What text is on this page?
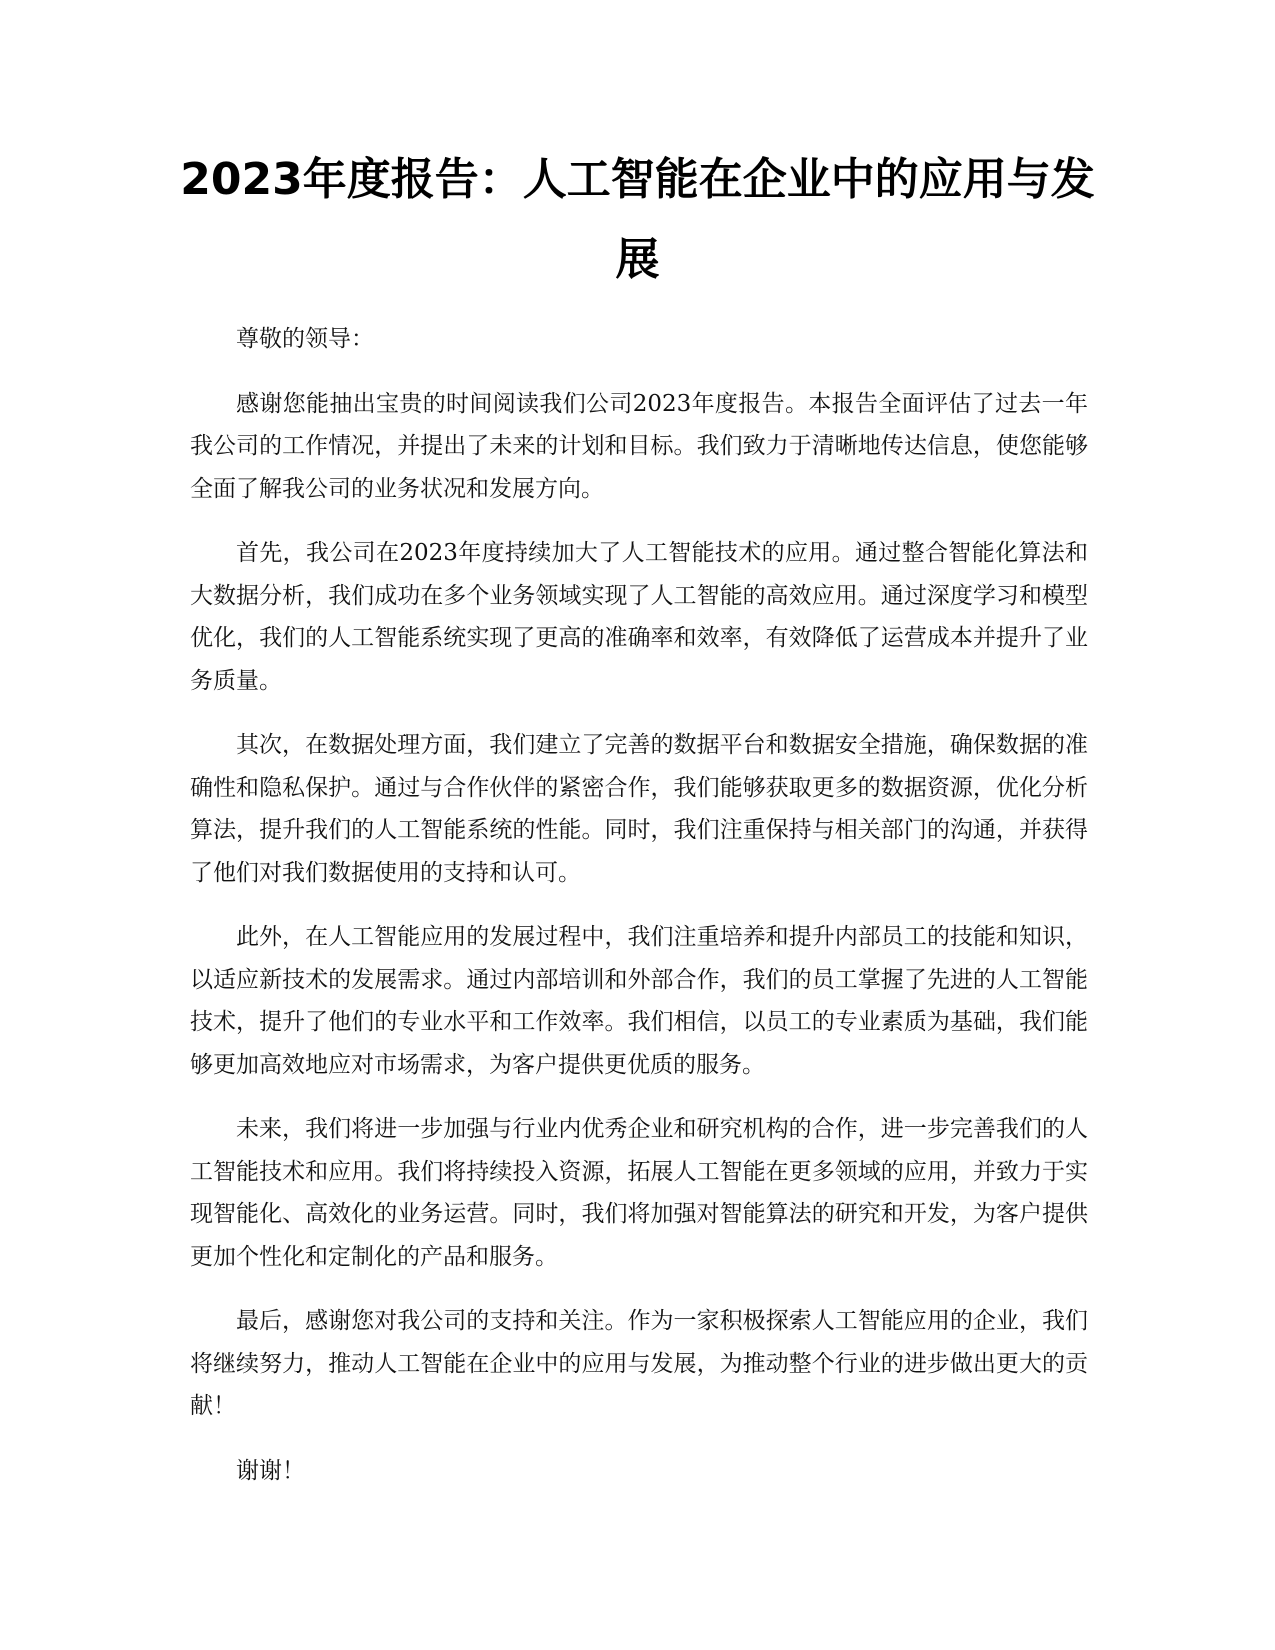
2023年度报告：人工智能在企业中的应用与发展

尊敬的领导：

感谢您能抽出宝贵的时间阅读我们公司2023年度报告。本报告全面评估了过去一年我公司的工作情况，并提出了未来的计划和目标。我们致力于清晰地传达信息，使您能够全面了解我公司的业务状况和发展方向。

首先，我公司在2023年度持续加大了人工智能技术的应用。通过整合智能化算法和大数据分析，我们成功在多个业务领域实现了人工智能的高效应用。通过深度学习和模型优化，我们的人工智能系统实现了更高的准确率和效率，有效降低了运营成本并提升了业务质量。

其次，在数据处理方面，我们建立了完善的数据平台和数据安全措施，确保数据的准确性和隐私保护。通过与合作伙伴的紧密合作，我们能够获取更多的数据资源，优化分析算法，提升我们的人工智能系统的性能。同时，我们注重保持与相关部门的沟通，并获得了他们对我们数据使用的支持和认可。

此外，在人工智能应用的发展过程中，我们注重培养和提升内部员工的技能和知识，以适应新技术的发展需求。通过内部培训和外部合作，我们的员工掌握了先进的人工智能技术，提升了他们的专业水平和工作效率。我们相信，以员工的专业素质为基础，我们能够更加高效地应对市场需求，为客户提供更优质的服务。

未来，我们将进一步加强与行业内优秀企业和研究机构的合作，进一步完善我们的人工智能技术和应用。我们将持续投入资源，拓展人工智能在更多领域的应用，并致力于实现智能化、高效化的业务运营。同时，我们将加强对智能算法的研究和开发，为客户提供更加个性化和定制化的产品和服务。

最后，感谢您对我公司的支持和关注。作为一家积极探索人工智能应用的企业，我们将继续努力，推动人工智能在企业中的应用与发展，为推动整个行业的进步做出更大的贡献！

谢谢！
